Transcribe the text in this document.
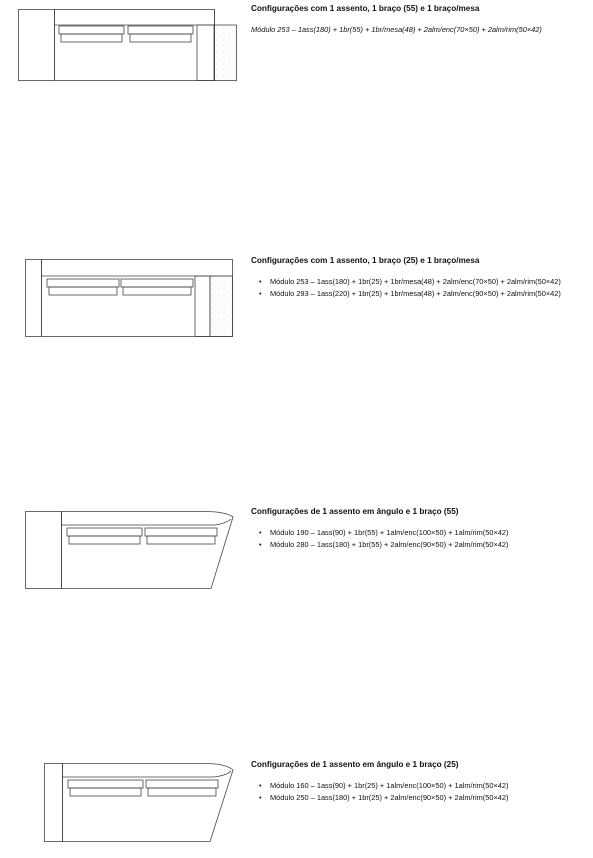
Configurações com 1 assento, 1 braço (55) e 1 braço/mesa

Módulo 253 – 1ass(180) + 1br(55) + 1br/mesa(48) + 2alm/enc(70×50) + 2alm/rim(50×42)

Configurações com 1 assento, 1 braço (25) e 1 braço/mesa

• Módulo 253 – 1ass(180) + 1br(25) + 1br/mesa(48) + 2alm/enc(70×50) + 2alm/rim(50×42)
• Módulo 293 – 1ass(220) + 1br(25) + 1br/mesa(48) + 2alm/enc(90×50) + 2alm/rim(50×42)

Configurações de 1 assento em ângulo e 1 braço (55)

• Módulo 190 – 1ass(90) + 1br(55) + 1alm/enc(100×50) + 1alm/rim(50×42)
• Módulo 280 – 1ass(180) + 1br(55) + 2alm/enc(90×50) + 2alm/rim(50×42)

Configurações de 1 assento em ângulo e 1 braço (25)

• Módulo 160 – 1ass(90) + 1br(25) + 1alm/enc(100×50) + 1alm/rim(50×42)
• Módulo 250 – 1ass(180) + 1br(25) + 2alm/enc(90×50) + 2alm/rim(50×42)
